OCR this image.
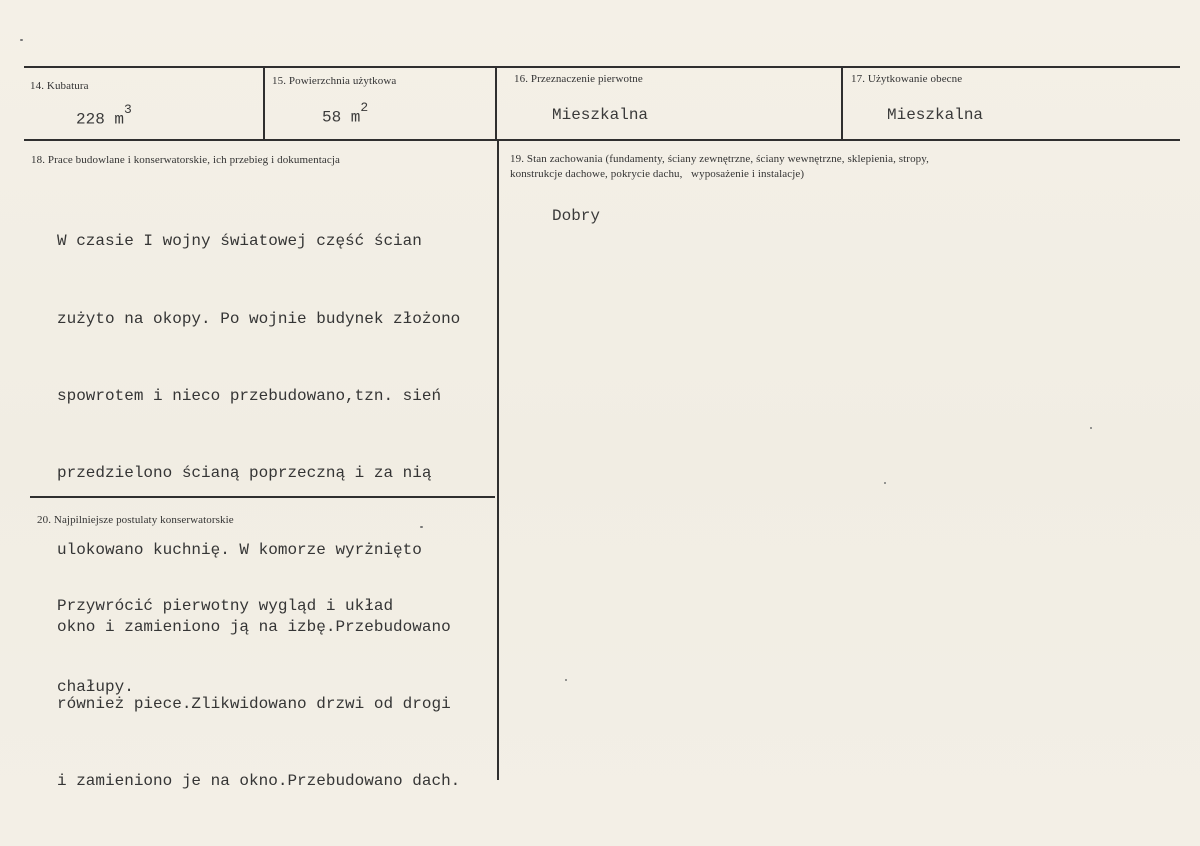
14. Kubatura
228 $m^3$
15. Powierzchnia użytkowa
58 $m^2$
16. Przeznaczenie pierwotne
Mieszkalna
17. Użytkowanie obecne
Mieszkalna
18. Prace budowlane i konserwatorskie, ich przebieg i dokumentacja

W czasie I wojny światowej część ścian

zużyto na okopy. Po wojnie budynek złożono

spowrotem i nieco przebudowano,tzn. sień

przedzielono ścianą poprzeczną i za nią

ulokowano kuchnię. W komorze wyrżnięto

okno i zamieniono ją na izbę.Przebudowano

również piece.Zlikwidowano drzwi od drogi

i zamieniono je na okno.Przebudowano dach.

19. Stan zachowania (fundamenty, ściany zewnętrzne, ściany wewnętrzne, sklepienia, stropy,
konstrukcje dachowe, pokrycie dachu,   wyposażenie i instalacje)
Dobry
20. Najpilniejsze postulaty konserwatorskie

Przywrócić pierwotny wygląd i układ

chałupy.
